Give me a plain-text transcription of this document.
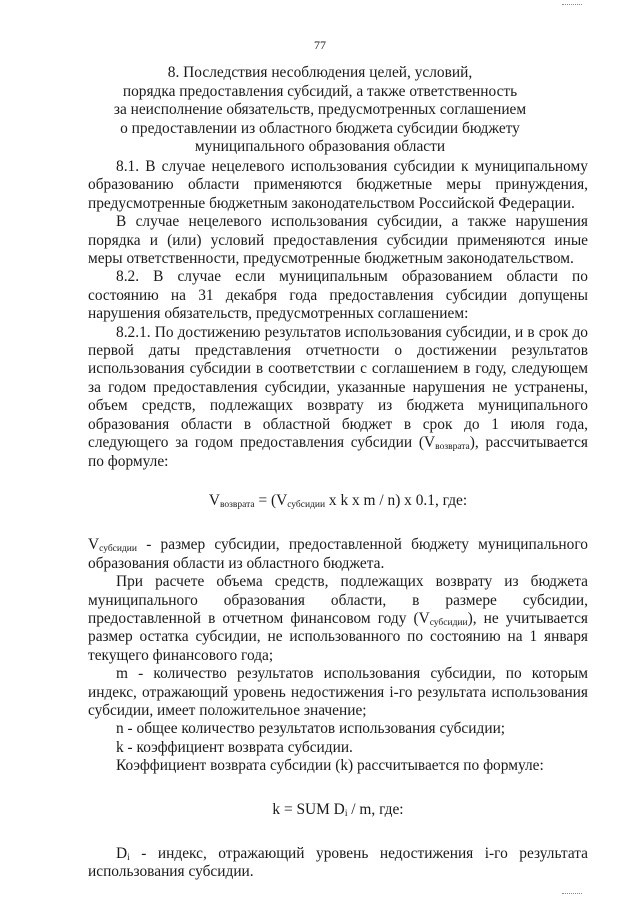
77
8. Последствия несоблюдения целей, условий,
порядка предоставления субсидий, а также ответственность
за неисполнение обязательств, предусмотренных соглашением
о предоставлении из областного бюджета субсидии бюджету
муниципального образования области

8.1. В случае нецелевого использования субсидии к муниципальному образованию области применяются бюджетные меры принуждения, предусмотренные бюджетным законодательством Российской Федерации.

В случае нецелевого использования субсидии, а также нарушения порядка и (или) условий предоставления субсидии применяются иные меры ответственности, предусмотренные бюджетным законодательством.

8.2. В случае если муниципальным образованием области по состоянию на 31 декабря года предоставления субсидии допущены нарушения обязательств, предусмотренных соглашением:

8.2.1. По достижению результатов использования субсидии, и в срок до первой даты представления отчетности о достижении результатов использования субсидии в соответствии с соглашением в году, следующем за годом предоставления субсидии, указанные нарушения не устранены, объем средств, подлежащих возврату из бюджета муниципального образования области в областной бюджет в срок до 1 июля года, следующего за годом предоставления субсидии $(V_{возврата})$, рассчитывается по формуле:

$V_{возврата} = (V_{субсидии}$ x k x m / n) x 0.1, где:

$V_{субсидии}$ - размер субсидии, предоставленной бюджету муниципального образования области из областного бюджета.

При расчете объема средств, подлежащих возврату из бюджета муниципального образования области, в размере субсидии, предоставленной в отчетном финансовом году $(V_{субсидии})$, не учитывается размер остатка субсидии, не использованного по состоянию на 1 января текущего финансового года;

m - количество результатов использования субсидии, по которым индекс, отражающий уровень недостижения i-го результата использования субсидии, имеет положительное значение;

n - общее количество результатов использования субсидии;

k - коэффициент возврата субсидии.

Коэффициент возврата субсидии (k) рассчитывается по формуле:

k = SUM $D_i$ / m, где:

$D_i$ - индекс, отражающий уровень недостижения i-го результата использования субсидии.
